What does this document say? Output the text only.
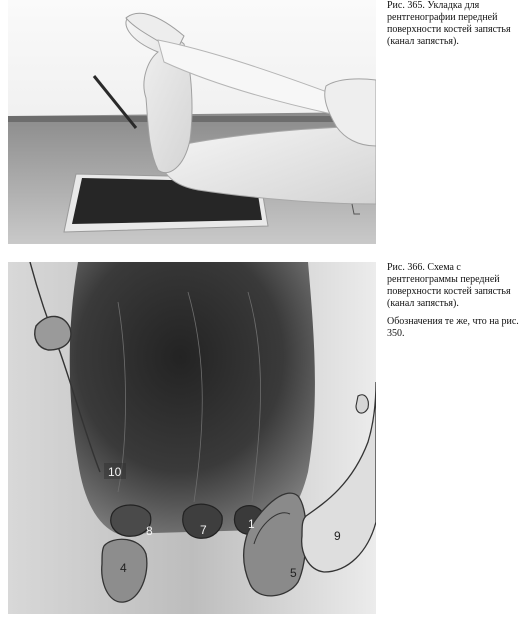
Рис. 365. Укладка для рентгенографии передней поверхности костей запястья (канал запястья).

10
8	7	1
4	5
9

Рис. 366. Схема с рентгенограммы передней поверхности костей запястья (канал запястья).

Обозначения те же, что на рис. 350.
